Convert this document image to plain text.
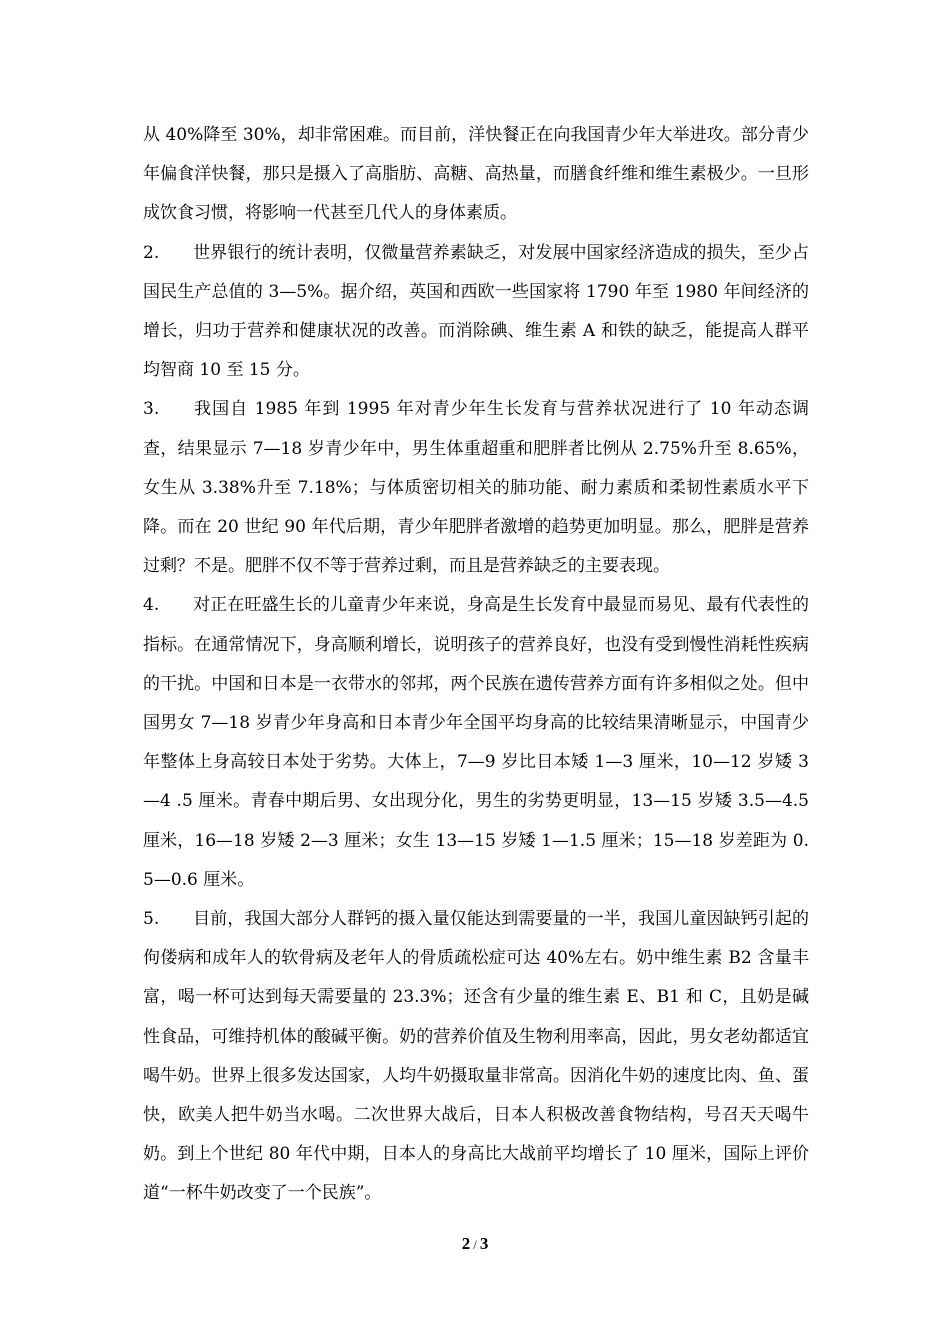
从 40%降至 30%，却非常困难。而目前，洋快餐正在向我国青少年大举进攻。部分青少年偏食洋快餐，那只是摄入了高脂肪、高糖、高热量，而膳食纤维和维生素极少。一旦形成饮食习惯，将影响一代甚至几代人的身体素质。

2. 世界银行的统计表明，仅微量营养素缺乏，对发展中国家经济造成的损失，至少占国民生产总值的 3—5%。据介绍，英国和西欧一些国家将 1790 年至 1980 年间经济的增长，归功于营养和健康状况的改善。而消除碘、维生素 A 和铁的缺乏，能提高人群平均智商 10 至 15 分。

3. 我国自 1985 年到 1995 年对青少年生长发育与营养状况进行了 10 年动态调查，结果显示 7—18 岁青少年中，男生体重超重和肥胖者比例从 2.75%升至 8.65%，女生从 3.38%升至 7.18%；与体质密切相关的肺功能、耐力素质和柔韧性素质水平下降。而在 20 世纪 90 年代后期，青少年肥胖者激增的趋势更加明显。那么，肥胖是营养过剩？不是。肥胖不仅不等于营养过剩，而且是营养缺乏的主要表现。

4. 对正在旺盛生长的儿童青少年来说，身高是生长发育中最显而易见、最有代表性的指标。在通常情况下，身高顺利增长，说明孩子的营养良好，也没有受到慢性消耗性疾病的干扰。中国和日本是一衣带水的邻邦，两个民族在遗传营养方面有许多相似之处。但中国男女 7—18 岁青少年身高和日本青少年全国平均身高的比较结果清晰显示，中国青少年整体上身高较日本处于劣势。大体上，7—9 岁比日本矮 1—3 厘米，10—12 岁矮 3—4 .5 厘米。青春中期后男、女出现分化，男生的劣势更明显，13—15 岁矮 3.5—4.5 厘米，16—18 岁矮 2—3 厘米；女生 13—15 岁矮 1—1.5 厘米；15—18 岁差距为 0.5—0.6 厘米。

5. 目前，我国大部分人群钙的摄入量仅能达到需要量的一半，我国儿童因缺钙引起的佝偻病和成年人的软骨病及老年人的骨质疏松症可达 40%左右。奶中维生素 B2 含量丰富，喝一杯可达到每天需要量的 23.3%；还含有少量的维生素 E、B1 和 C，且奶是碱性食品，可维持机体的酸碱平衡。奶的营养价值及生物利用率高，因此，男女老幼都适宜喝牛奶。世界上很多发达国家，人均牛奶摄取量非常高。因消化牛奶的速度比肉、鱼、蛋快，欧美人把牛奶当水喝。二次世界大战后，日本人积极改善食物结构，号召天天喝牛奶。到上个世纪 80 年代中期，日本人的身高比大战前平均增长了 10 厘米，国际上评价道“一杯牛奶改变了一个民族”。

2 / 3
